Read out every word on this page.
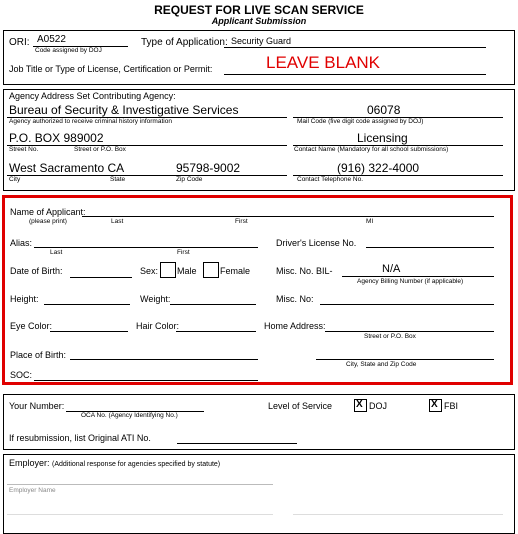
REQUEST FOR LIVE SCAN SERVICE
Applicant Submission
ORI: A0522
Code assigned by DOJ
Type of Application: Security Guard
Job Title or Type of License, Certification or Permit:	LEAVE BLANK
Agency Address Set Contributing Agency:
Bureau of Security & Investigative Services
Agency authorized to receive criminal history information
06078
Mail Code (five digit code assigned by DOJ)
P.O. BOX 989002
Street No.	Street or P.O. Box
Licensing
Contact Name (Mandatory for all school submissions)
West Sacramento CA	95798-9002
City	State	Zip Code
(916) 322-4000
Contact Telephone No.
Name of Applicant:
(please print)	Last	First	MI
Alias:
Last	First
Driver's License No.
Date of Birth:	Sex: Male	Female	Misc. No. BIL-	N/A
Agency Billing Number (if applicable)
Height:	Weight:	Misc. No:
Eye Color:	Hair Color:	Home Address:
Street or P.O. Box
Place of Birth:
City, State and Zip Code
SOC:
Your Number:
OCA No. (Agency Identifying No.)
Level of Service X DOJ	X FBI
If resubmission, list Original ATI No.
Employer: (Additional response for agencies specified by statute)
Employer Name
